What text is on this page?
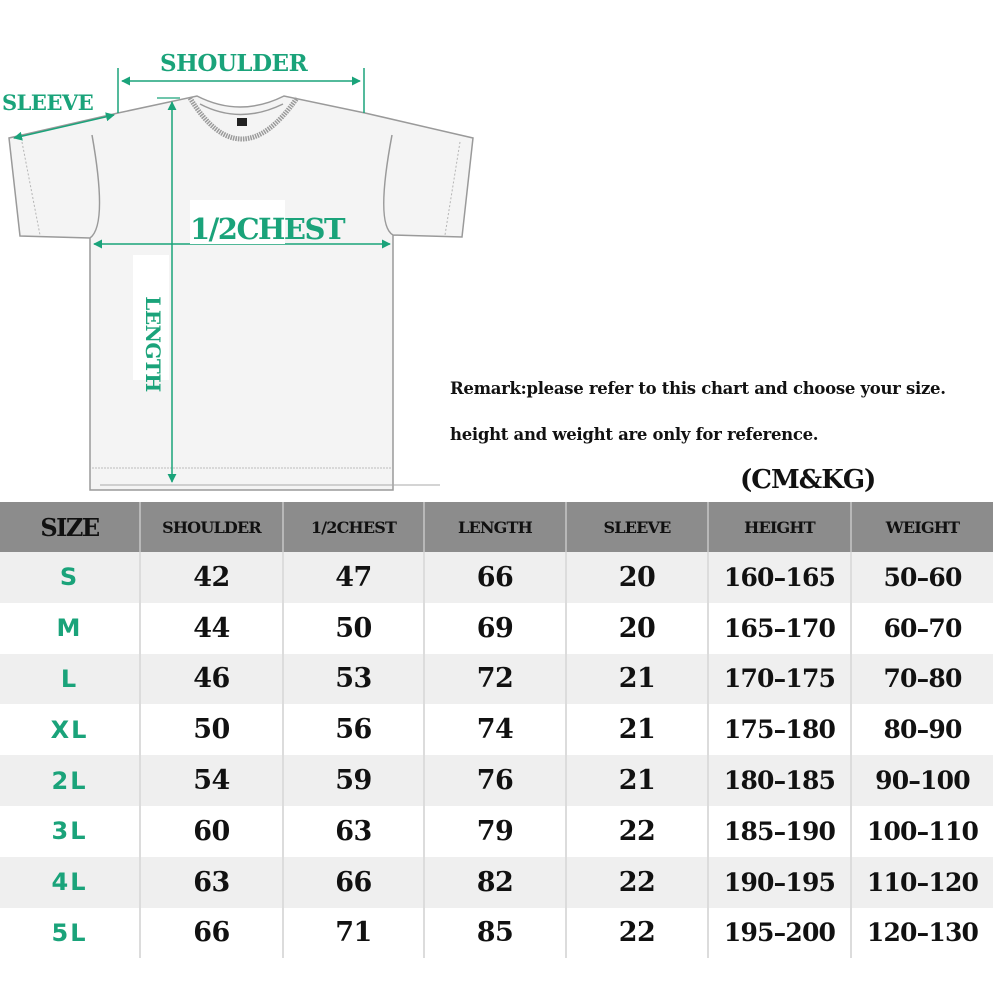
SHOULDER
SLEEVE
1/2CHEST
LENGTH	Remark:please refer to this chart and choose your size.
height and weight are only for reference.
(CM&KG)
SIZE	SHOULDER	1/2CHEST	LENGTH	SLEEVE	HEIGHT	WEIGHT
S	42	47	66	20	160–165	50–60
M	44	50	69	20	165–170	60–70
L	46	53	72	21	170–175	70–80
XL	50	56	74	21	175–180	80–90
2L	54	59	76	21	180–185	90–100
3L	60	63	79	22	185–190	100–110
4L	63	66	82	22	190–195	110–120
5L	66	71	85	22	195–200	120–130
